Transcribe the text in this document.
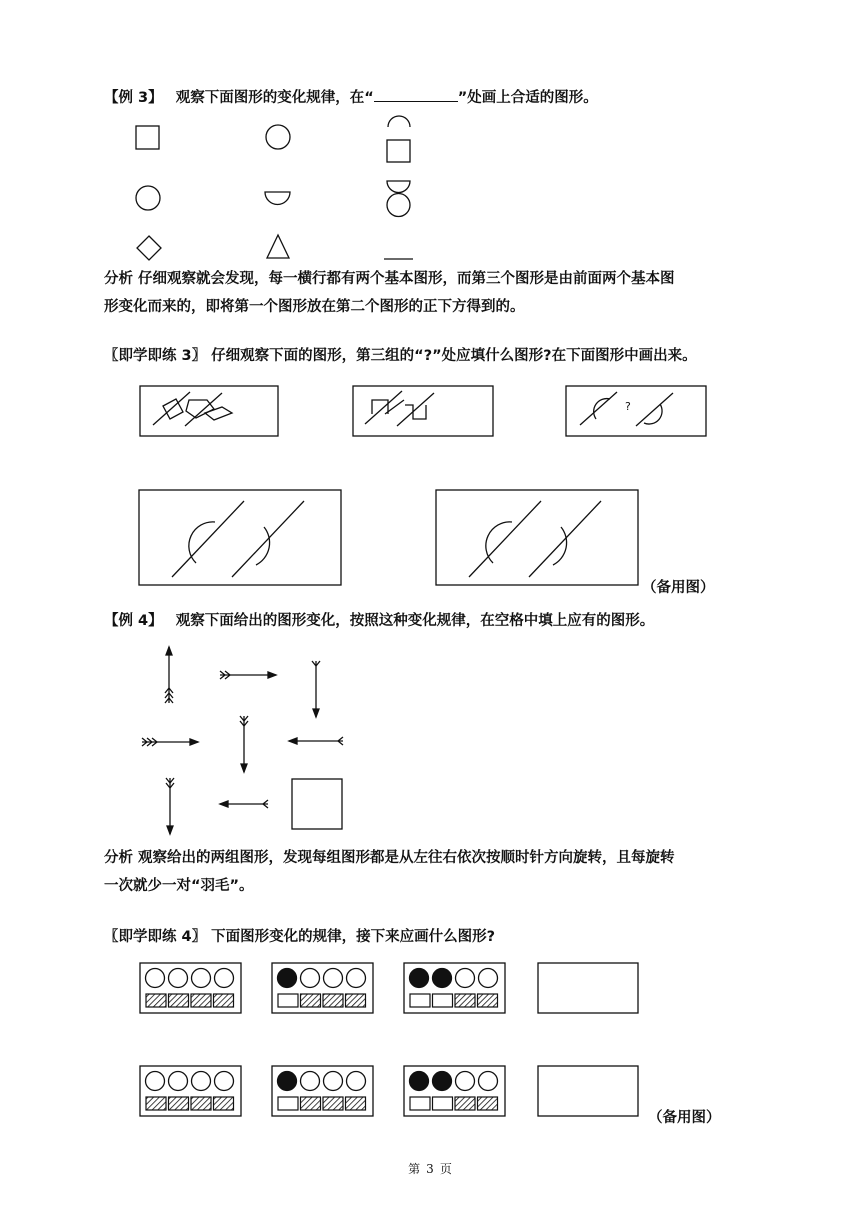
【例 3】 观察下面图形的变化规律，在“	”处画上合适的图形。
分析 仔细观察就会发现，每一横行都有两个基本图形，而第三个图形是由前面两个基本图
形变化而来的，即将第一个图形放在第二个图形的正下方得到的。
〖即学即练 3〗 仔细观察下面的图形，第三组的“?”处应填什么图形?在下面图形中画出来。
?
（备用图）
【例 4】 观察下面给出的图形变化，按照这种变化规律，在空格中填上应有的图形。
分析 观察给出的两组图形，发现每组图形都是从左往右依次按顺时针方向旋转，且每旋转
一次就少一对“羽毛”。
〖即学即练 4〗 下面图形变化的规律，接下来应画什么图形?
（备用图）
第 3 页
